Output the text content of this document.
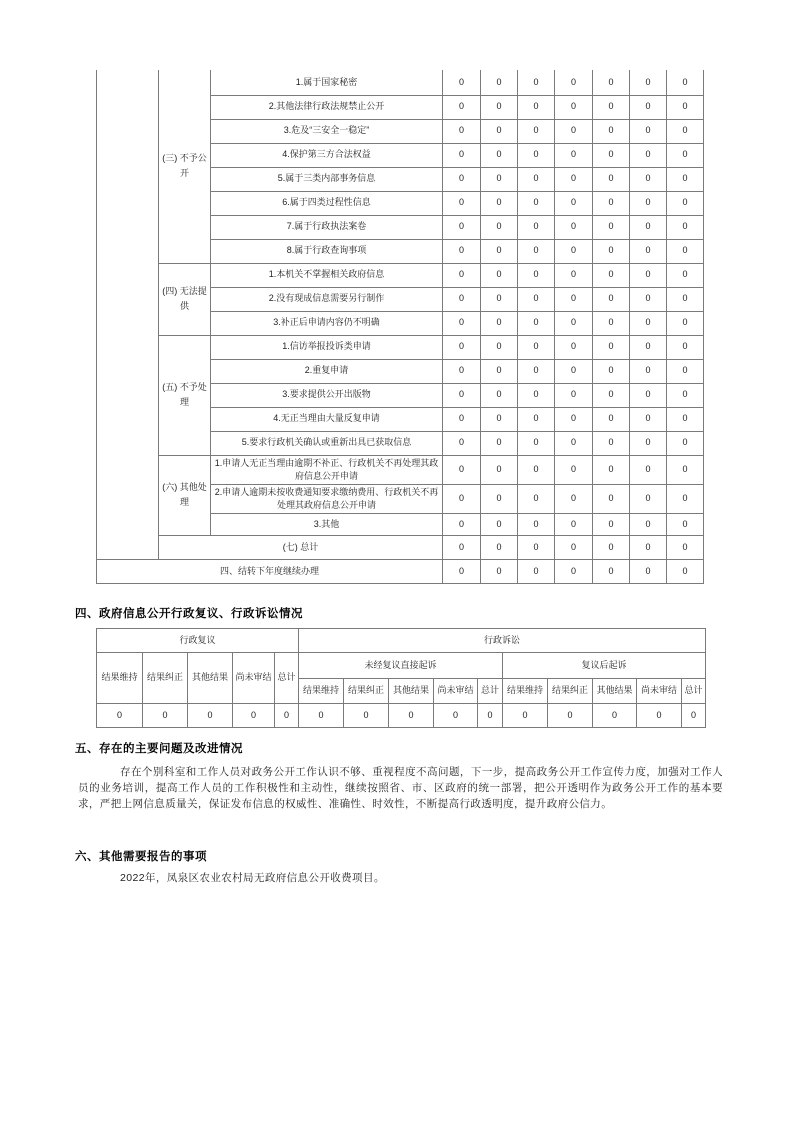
	(三) 不予公开	1.属于国家秘密	0	0	0	0	0	0	0
		2.其他法律行政法规禁止公开	0	0	0	0	0	0	0
		3.危及“三安全一稳定”	0	0	0	0	0	0	0
		4.保护第三方合法权益	0	0	0	0	0	0	0
		5.属于三类内部事务信息	0	0	0	0	0	0	0
		6.属于四类过程性信息	0	0	0	0	0	0	0
		7.属于行政执法案卷	0	0	0	0	0	0	0
		8.属于行政查询事项	0	0	0	0	0	0	0
	(四) 无法提供	1.本机关不掌握相关政府信息	0	0	0	0	0	0	0
		2.没有现成信息需要另行制作	0	0	0	0	0	0	0
		3.补正后申请内容仍不明确	0	0	0	0	0	0	0
	(五) 不予处理	1.信访举报投诉类申请	0	0	0	0	0	0	0
		2.重复申请	0	0	0	0	0	0	0
		3.要求提供公开出版物	0	0	0	0	0	0	0
		4.无正当理由大量反复申请	0	0	0	0	0	0	0
		5.要求行政机关确认或重新出具已获取信息	0	0	0	0	0	0	0
	(六) 其他处理	1.申请人无正当理由逾期不补正、行政机关不再处理其政府信息公开申请	0	0	0	0	0	0	0
		2.申请人逾期未按收费通知要求缴纳费用、行政机关不再处理其政府信息公开申请	0	0	0	0	0	0	0
		3.其他	0	0	0	0	0	0	0
	(七) 总计		0	0	0	0	0	0	0
四、结转下年度继续办理			0	0	0	0	0	0	0
四、政府信息公开行政复议、行政诉讼情况
行政复议					行政诉讼									
结果维持	结果纠正	其他结果	尚未审结	总计	未经复议直接起诉					复议后起诉				
					结果维持	结果纠正	其他结果	尚未审结	总计	结果维持	结果纠正	其他结果	尚未审结	总计
0	0	0	0	0	0	0	0	0	0	0	0	0	0	0
五、存在的主要问题及改进情况

存在个别科室和工作人员对政务公开工作认识不够、重视程度不高问题，下一步，提高政务公开工作宣传力度，加强对工作人员的业务培训，提高工作人员的工作积极性和主动性，继续按照省、市、区政府的统一部署，把公开透明作为政务公开工作的基本要求，严把上网信息质量关，保证发布信息的权威性、准确性、时效性，不断提高行政透明度，提升政府公信力。

六、其他需要报告的事项

2022年，凤泉区农业农村局无政府信息公开收费项目。
